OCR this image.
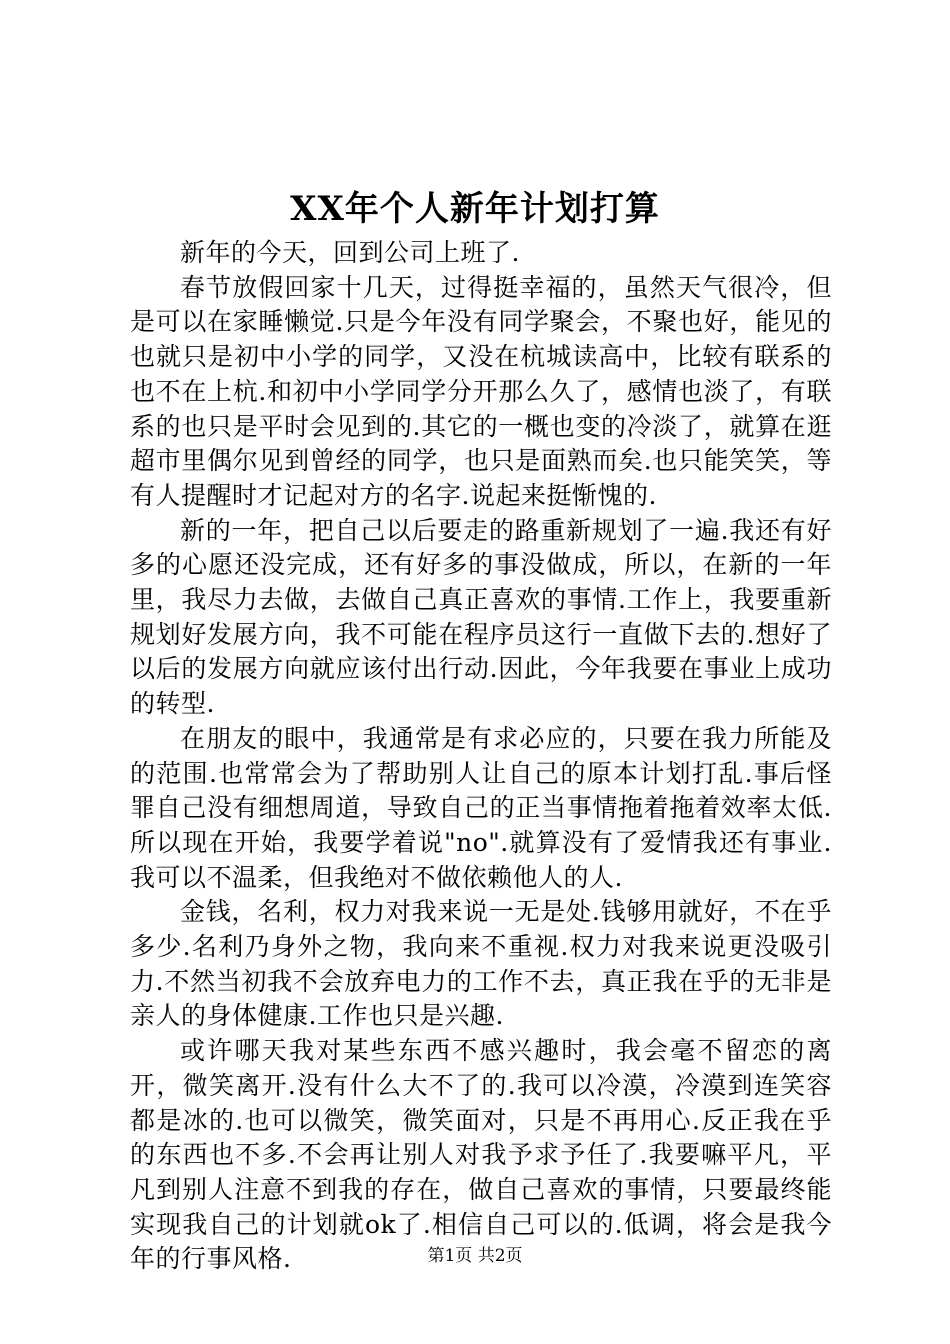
XX年个人新年计划打算

新年的今天，回到公司上班了.

春节放假回家十几天，过得挺幸福的，虽然天气很冷，但是可以在家睡懒觉.只是今年没有同学聚会，不聚也好，能见的也就只是初中小学的同学，又没在杭城读高中，比较有联系的也不在上杭.和初中小学同学分开那么久了，感情也淡了，有联系的也只是平时会见到的.其它的一概也变的冷淡了，就算在逛超市里偶尔见到曾经的同学，也只是面熟而矣.也只能笑笑，等有人提醒时才记起对方的名字.说起来挺惭愧的.

新的一年，把自己以后要走的路重新规划了一遍.我还有好多的心愿还没完成，还有好多的事没做成，所以，在新的一年里，我尽力去做，去做自己真正喜欢的事情.工作上，我要重新规划好发展方向，我不可能在程序员这行一直做下去的.想好了以后的发展方向就应该付出行动.因此，今年我要在事业上成功的转型.

在朋友的眼中，我通常是有求必应的，只要在我力所能及的范围.也常常会为了帮助别人让自己的原本计划打乱.事后怪罪自己没有细想周道，导致自己的正当事情拖着拖着效率太低.所以现在开始，我要学着说"no".就算没有了爱情我还有事业.我可以不温柔，但我绝对不做依赖他人的人.

金钱，名利，权力对我来说一无是处.钱够用就好，不在乎多少.名利乃身外之物，我向来不重视.权力对我来说更没吸引力.不然当初我不会放弃电力的工作不去，真正我在乎的无非是亲人的身体健康.工作也只是兴趣.

或许哪天我对某些东西不感兴趣时，我会毫不留恋的离开，微笑离开.没有什么大不了的.我可以冷漠，冷漠到连笑容都是冰的.也可以微笑，微笑面对，只是不再用心.反正我在乎的东西也不多.不会再让别人对我予求予任了.我要嘛平凡，平凡到别人注意不到我的存在，做自己喜欢的事情，只要最终能实现我自己的计划就ok了.相信自己可以的.低调，将会是我今年的行事风格.	第1页 共2页
